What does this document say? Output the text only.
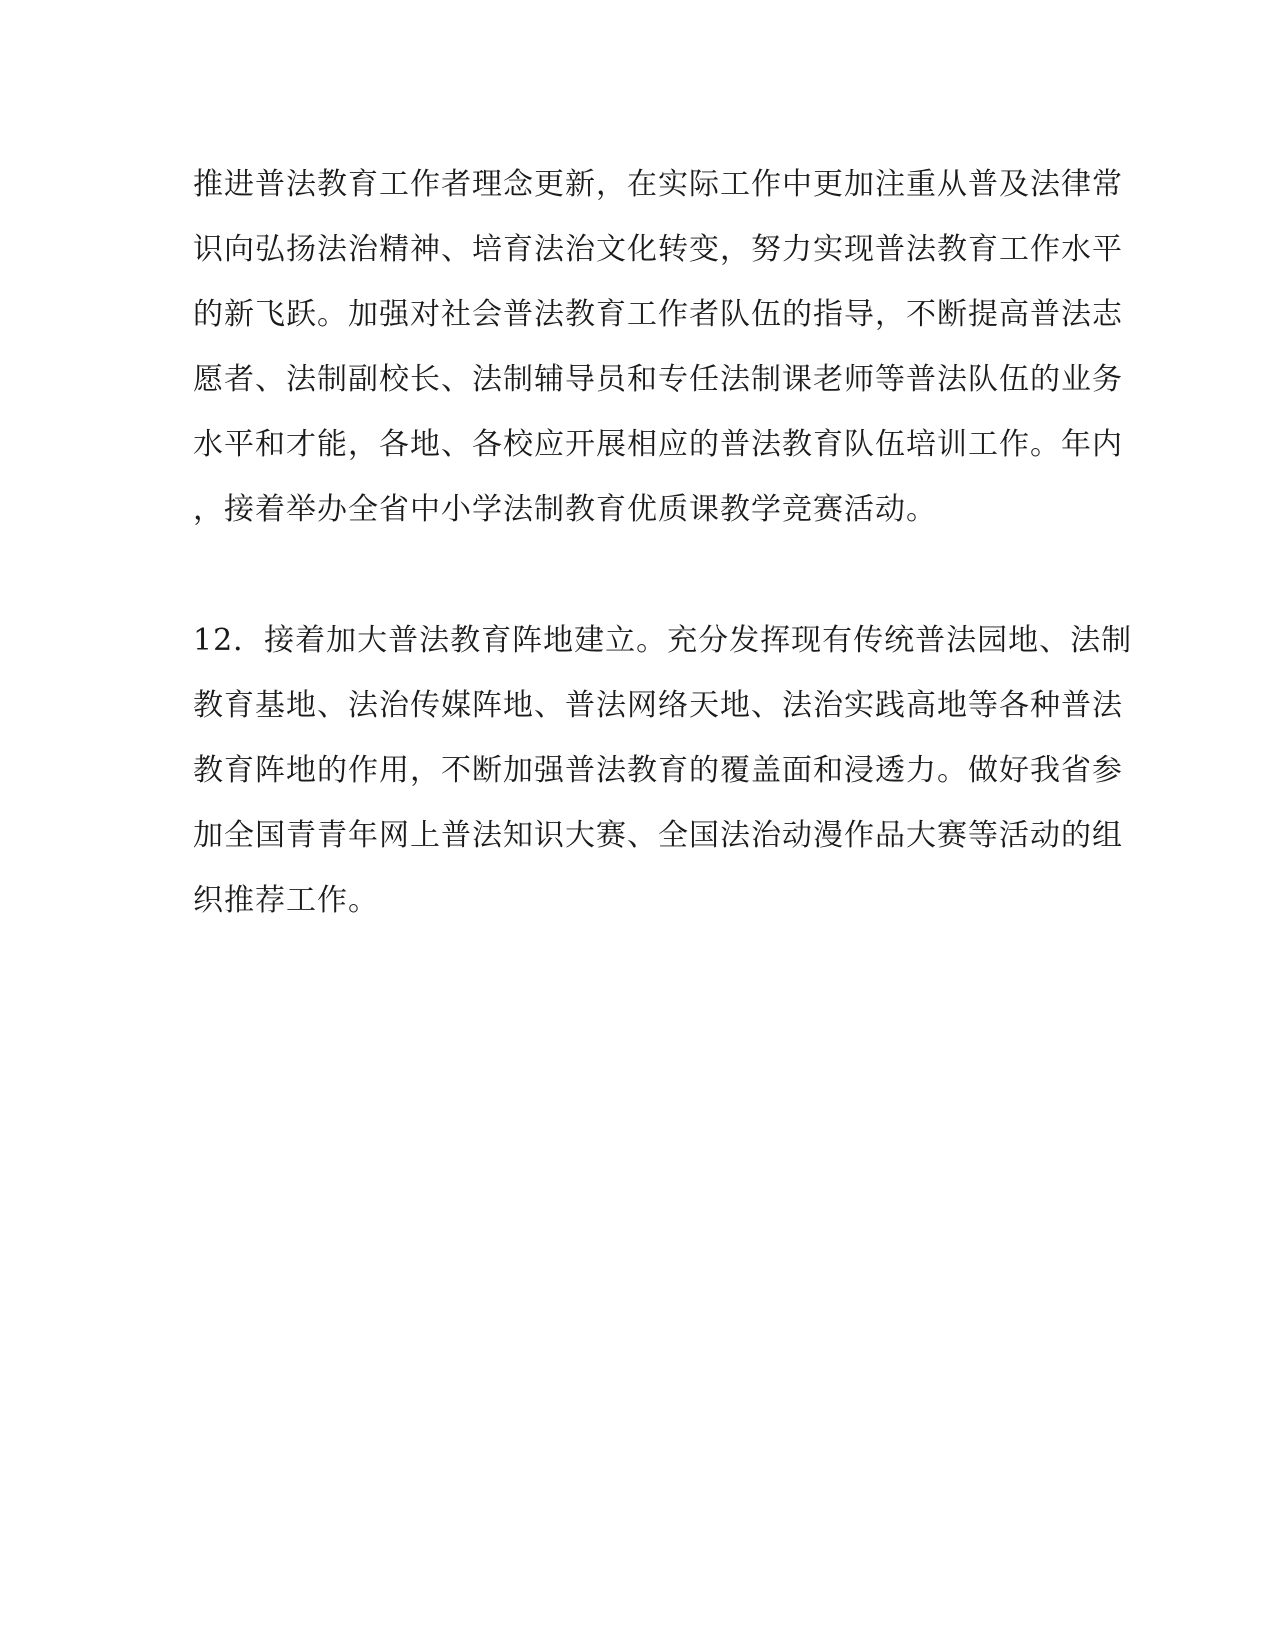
推进普法教育工作者理念更新，在实际工作中更加注重从普及法律常
识向弘扬法治精神、培育法治文化转变，努力实现普法教育工作水平
的新飞跃。加强对社会普法教育工作者队伍的指导，不断提高普法志
愿者、法制副校长、法制辅导员和专任法制课老师等普法队伍的业务
水平和才能，各地、各校应开展相应的普法教育队伍培训工作。年内
，接着举办全省中小学法制教育优质课教学竞赛活动。
12．接着加大普法教育阵地建立。充分发挥现有传统普法园地、法制
教育基地、法治传媒阵地、普法网络天地、法治实践高地等各种普法
教育阵地的作用，不断加强普法教育的覆盖面和浸透力。做好我省参
加全国青青年网上普法知识大赛、全国法治动漫作品大赛等活动的组
织推荐工作。
